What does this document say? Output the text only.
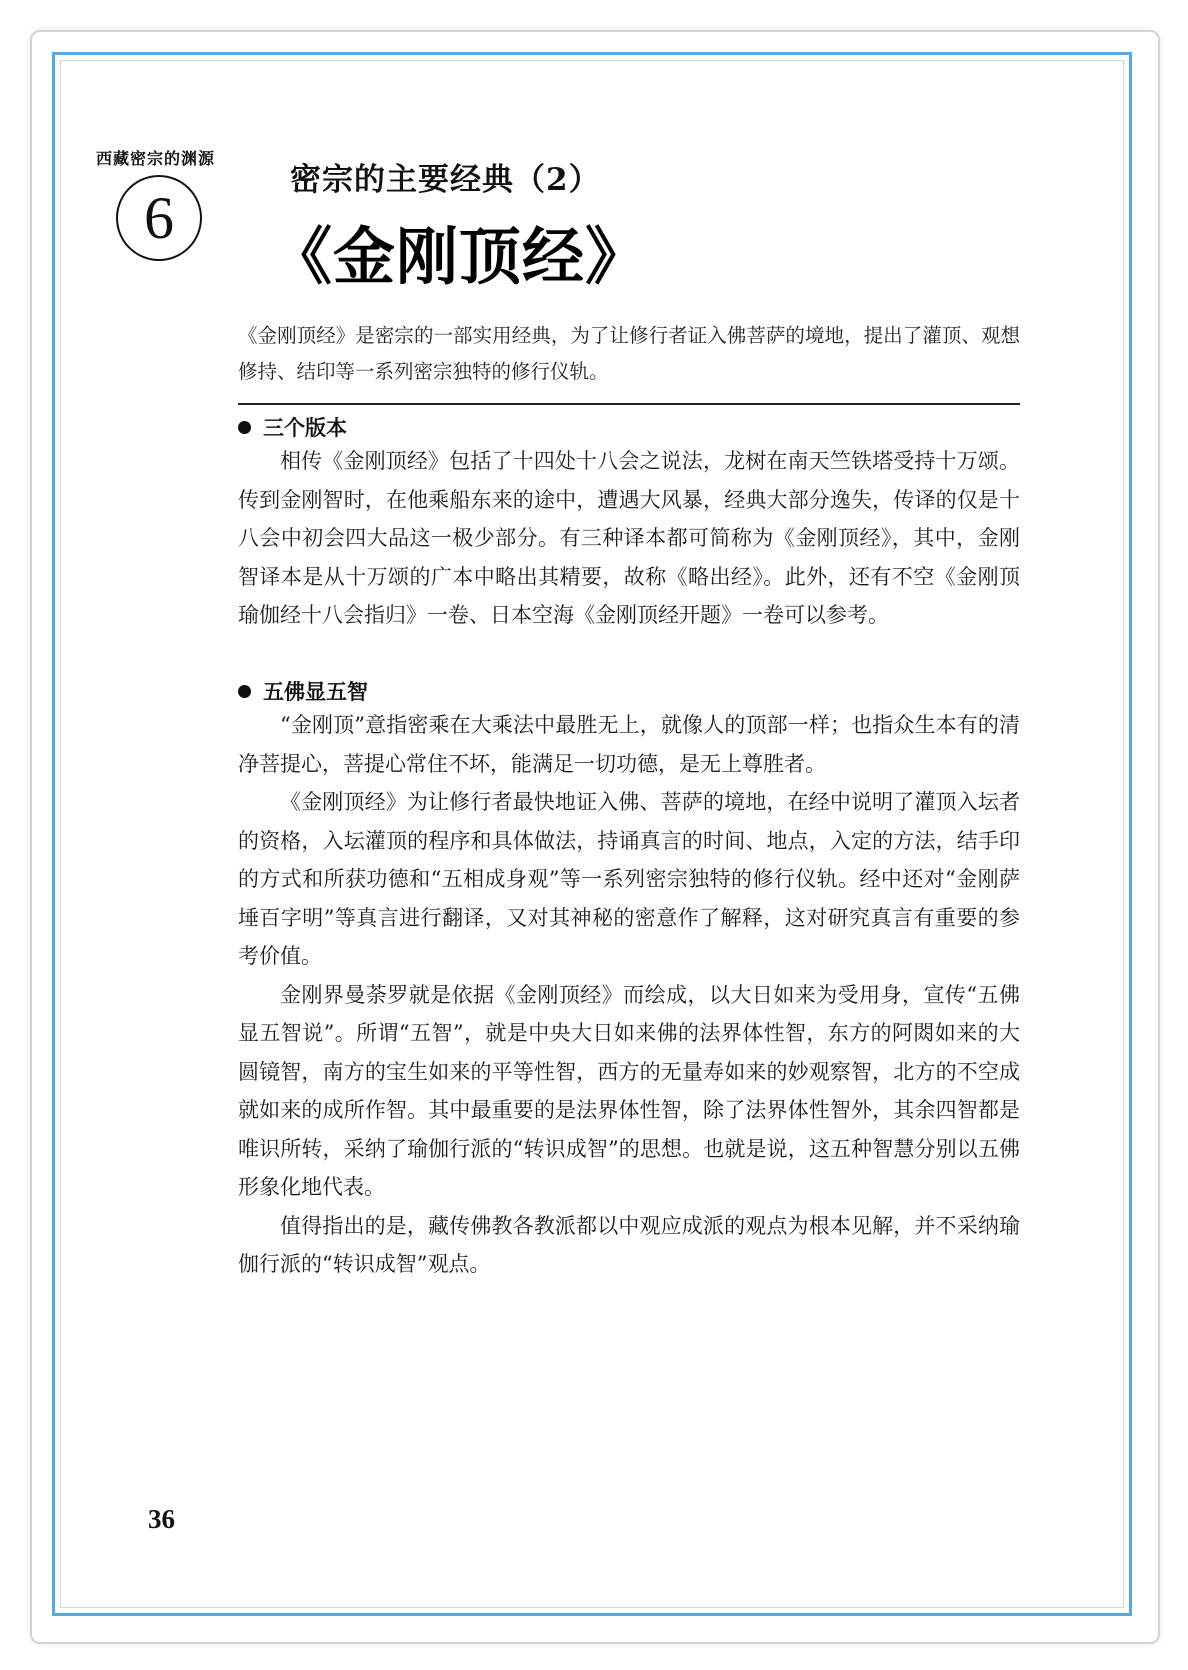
西藏密宗的渊源
6
密宗的主要经典（2）
《金刚顶经》
《金刚顶经》是密宗的一部实用经典，为了让修行者证入佛菩萨的境地，提出了灌顶、观想修持、结印等一系列密宗独特的修行仪轨。
三个版本

相传《金刚顶经》包括了十四处十八会之说法，龙树在南天竺铁塔受持十万颂。传到金刚智时，在他乘船东来的途中，遭遇大风暴，经典大部分逸失，传译的仅是十八会中初会四大品这一极少部分。有三种译本都可简称为《金刚顶经》，其中，金刚智译本是从十万颂的广本中略出其精要，故称《略出经》。此外，还有不空《金刚顶瑜伽经十八会指归》一卷、日本空海《金刚顶经开题》一卷可以参考。

五佛显五智

“金刚顶”意指密乘在大乘法中最胜无上，就像人的顶部一样；也指众生本有的清净菩提心，菩提心常住不坏，能满足一切功德，是无上尊胜者。

《金刚顶经》为让修行者最快地证入佛、菩萨的境地，在经中说明了灌顶入坛者的资格，入坛灌顶的程序和具体做法，持诵真言的时间、地点，入定的方法，结手印的方式和所获功德和“五相成身观”等一系列密宗独特的修行仪轨。经中还对“金刚萨埵百字明”等真言进行翻译，又对其神秘的密意作了解释，这对研究真言有重要的参考价值。

金刚界曼荼罗就是依据《金刚顶经》而绘成，以大日如来为受用身，宣传“五佛显五智说”。所谓“五智”，就是中央大日如来佛的法界体性智，东方的阿閦如来的大圆镜智，南方的宝生如来的平等性智，西方的无量寿如来的妙观察智，北方的不空成就如来的成所作智。其中最重要的是法界体性智，除了法界体性智外，其余四智都是唯识所转，采纳了瑜伽行派的“转识成智”的思想。也就是说，这五种智慧分别以五佛形象化地代表。

值得指出的是，藏传佛教各教派都以中观应成派的观点为根本见解，并不采纳瑜伽行派的“转识成智”观点。

36
